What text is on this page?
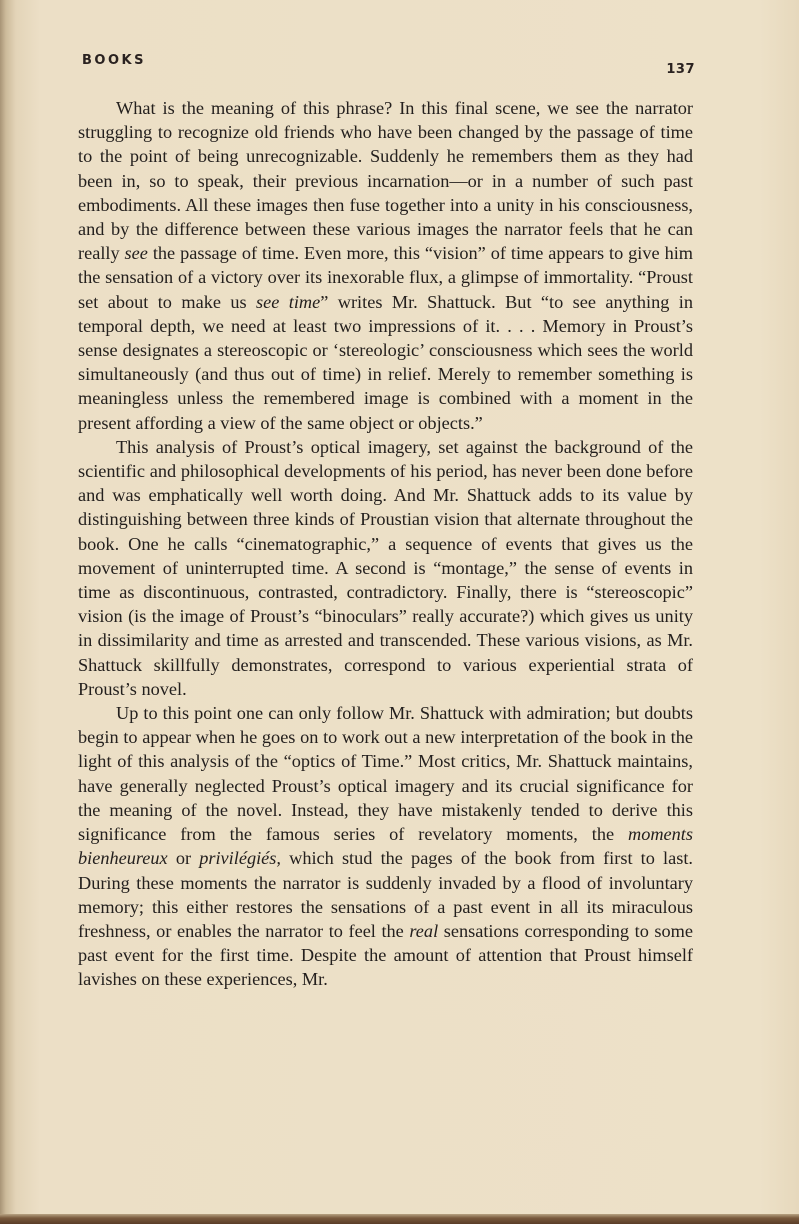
BOOKS
137

What is the meaning of this phrase? In this final scene, we see the narrator struggling to recognize old friends who have been changed by the passage of time to the point of being unrecognizable. Suddenly he remembers them as they had been in, so to speak, their previous incarnation—or in a number of such past embodiments. All these images then fuse together into a unity in his consciousness, and by the difference between these various images the narrator feels that he can really see the passage of time. Even more, this “vision” of time appears to give him the sensation of a victory over its inexorable flux, a glimpse of immortality. “Proust set about to make us see time” writes Mr. Shattuck. But “to see anything in temporal depth, we need at least two impressions of it. . . . Memory in Proust’s sense designates a stereoscopic or ‘stereologic’ consciousness which sees the world simultaneously (and thus out of time) in relief. Merely to remember something is meaningless unless the remembered image is combined with a moment in the present affording a view of the same object or objects.”

This analysis of Proust’s optical imagery, set against the background of the scientific and philosophical developments of his period, has never been done before and was emphatically well worth doing. And Mr. Shattuck adds to its value by distinguishing between three kinds of Proustian vision that alternate throughout the book. One he calls “cinematographic,” a sequence of events that gives us the movement of uninterrupted time. A second is “montage,” the sense of events in time as discontinuous, contrasted, contradictory. Finally, there is “stereoscopic” vision (is the image of Proust’s “binoculars” really accurate?) which gives us unity in dissimilarity and time as arrested and transcended. These various visions, as Mr. Shattuck skillfully demonstrates, correspond to various experiential strata of Proust’s novel.

Up to this point one can only follow Mr. Shattuck with admiration; but doubts begin to appear when he goes on to work out a new interpretation of the book in the light of this analysis of the “optics of Time.” Most critics, Mr. Shattuck maintains, have generally neglected Proust’s optical imagery and its crucial significance for the meaning of the novel. Instead, they have mistakenly tended to derive this significance from the famous series of revelatory moments, the moments bienheureux or privilégiés, which stud the pages of the book from first to last. During these moments the narrator is suddenly invaded by a flood of involuntary memory; this either restores the sensations of a past event in all its miraculous freshness, or enables the narrator to feel the real sensations corresponding to some past event for the first time. Despite the amount of attention that Proust himself lavishes on these experiences, Mr.
